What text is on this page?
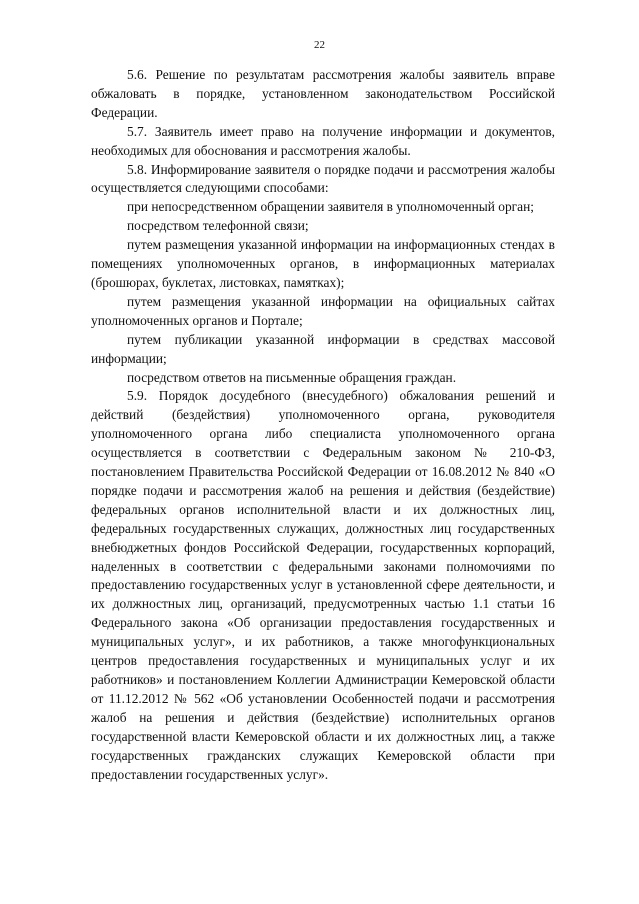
22

5.6. Решение по результатам рассмотрения жалобы заявитель вправе обжаловать в порядке, установленном законодательством Российской Федерации.

5.7. Заявитель имеет право на получение информации и документов, необходимых для обоснования и рассмотрения жалобы.

5.8. Информирование заявителя о порядке подачи и рассмотрения жалобы осуществляется следующими способами:

при непосредственном обращении заявителя в уполномоченный орган;

посредством телефонной связи;

путем размещения указанной информации на информационных стендах в помещениях уполномоченных органов, в информационных материалах (брошюрах, буклетах, листовках, памятках);

путем размещения указанной информации на официальных сайтах уполномоченных органов и Портале;

путем публикации указанной информации в средствах массовой информации;

посредством ответов на письменные обращения граждан.

5.9. Порядок досудебного (внесудебного) обжалования решений и действий (бездействия) уполномоченного органа, руководителя уполномоченного органа либо специалиста уполномоченного органа осуществляется в соответствии с Федеральным законом № 210-ФЗ, постановлением Правительства Российской Федерации от 16.08.2012 № 840 «О порядке подачи и рассмотрения жалоб на решения и действия (бездействие) федеральных органов исполнительной власти и их должностных лиц, федеральных государственных служащих, должностных лиц государственных внебюджетных фондов Российской Федерации, государственных корпораций, наделенных в соответствии с федеральными законами полномочиями по предоставлению государственных услуг в установленной сфере деятельности, и их должностных лиц, организаций, предусмотренных частью 1.1 статьи 16 Федерального закона «Об организации предоставления государственных и муниципальных услуг», и их работников, а также многофункциональных центров предоставления государственных и муниципальных услуг и их работников» и постановлением Коллегии Администрации Кемеровской области от 11.12.2012 № 562 «Об установлении Особенностей подачи и рассмотрения жалоб на решения и действия (бездействие) исполнительных органов государственной власти Кемеровской области и их должностных лиц, а также государственных гражданских служащих Кемеровской области при предоставлении государственных услуг».
